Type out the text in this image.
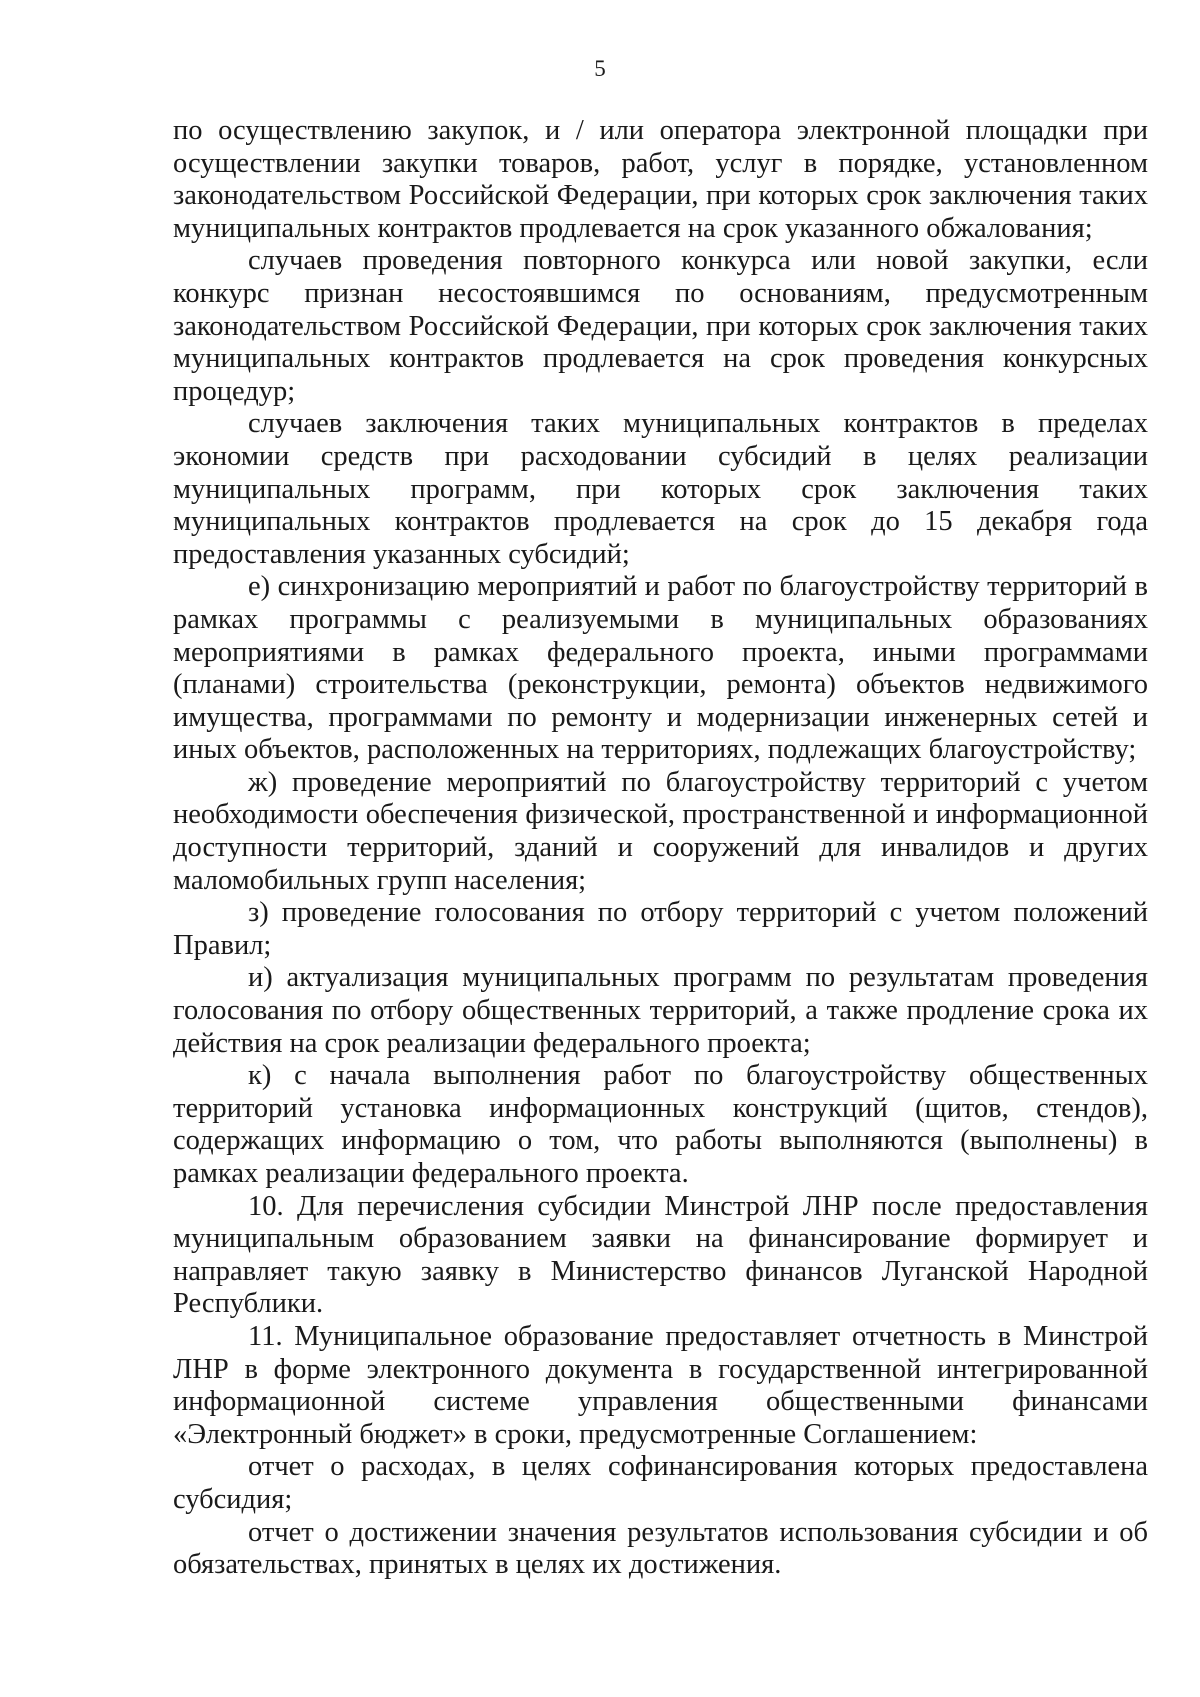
5

по осуществлению закупок, и / или оператора электронной площадки при осуществлении закупки товаров, работ, услуг в порядке, установленном законодательством Российской Федерации, при которых срок заключения таких муниципальных контрактов продлевается на срок указанного обжалования;

случаев проведения повторного конкурса или новой закупки, если конкурс признан несостоявшимся по основаниям, предусмотренным законодательством Российской Федерации, при которых срок заключения таких муниципальных контрактов продлевается на срок проведения конкурсных процедур;

случаев заключения таких муниципальных контрактов в пределах экономии средств при расходовании субсидий в целях реализации муниципальных программ, при которых срок заключения таких муниципальных контрактов продлевается на срок до 15 декабря года предоставления указанных субсидий;

е) синхронизацию мероприятий и работ по благоустройству территорий в рамках программы с реализуемыми в муниципальных образованиях мероприятиями в рамках федерального проекта, иными программами (планами) строительства (реконструкции, ремонта) объектов недвижимого имущества, программами по ремонту и модернизации инженерных сетей и иных объектов, расположенных на территориях, подлежащих благоустройству;

ж) проведение мероприятий по благоустройству территорий с учетом необходимости обеспечения физической, пространственной и информационной доступности территорий, зданий и сооружений для инвалидов и других маломобильных групп населения;

з) проведение голосования по отбору территорий с учетом положений Правил;

и) актуализация муниципальных программ по результатам проведения голосования по отбору общественных территорий, а также продление срока их действия на срок реализации федерального проекта;

к) с начала выполнения работ по благоустройству общественных территорий установка информационных конструкций (щитов, стендов), содержащих информацию о том, что работы выполняются (выполнены) в рамках реализации федерального проекта.

10. Для перечисления субсидии Минстрой ЛНР после предоставления муниципальным образованием заявки на финансирование формирует и направляет такую заявку в Министерство финансов Луганской Народной Республики.

11. Муниципальное образование предоставляет отчетность в Минстрой ЛНР в форме электронного документа в государственной интегрированной информационной системе управления общественными финансами «Электронный бюджет» в сроки, предусмотренные Соглашением:

отчет о расходах, в целях софинансирования которых предоставлена субсидия;

отчет о достижении значения результатов использования субсидии и об обязательствах, принятых в целях их достижения.
